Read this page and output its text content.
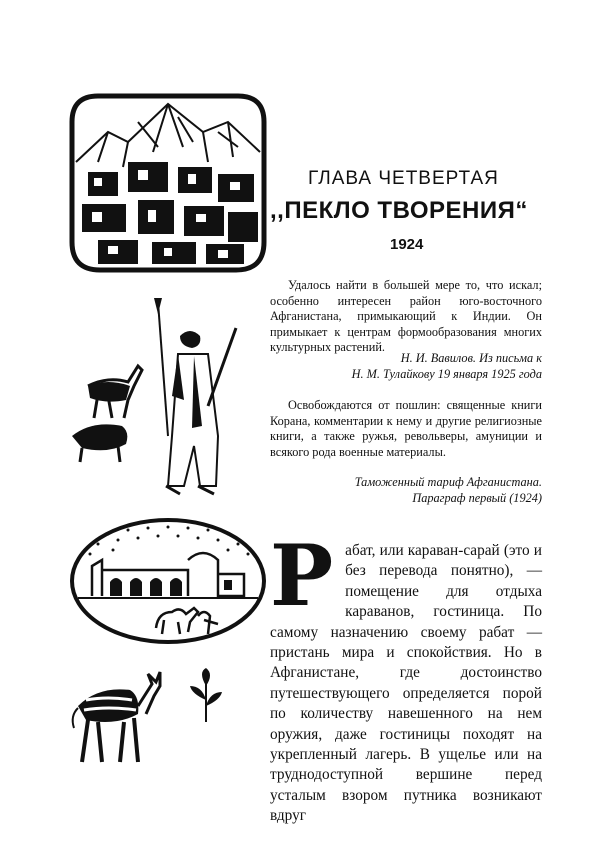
ГЛАВА ЧЕТВЕРТАЯ
,,ПЕКЛО ТВОРЕНИЯ“
1924
Удалось найти в большей мере то, что искал; особенно интересен район юго-восточного Афганистана, примыкающий к Индии. Он примыкает к центрам формообразования многих культурных растений.
Н. И. Вавилов. Из письма к
Н. М. Тулайкову 19 января 1925 года
Освобождаются от пошлин: священные книги Корана, комментарии к нему и другие религиозные книги, а также ружья, револьверы, амуниции и всякого рода военные материалы.
Таможенный тариф Афганистана.
Параграф первый (1924)
Рабат, или караван-сарай (это и без перевода понятно), — помещение для отдыха караванов, гостиница. По самому назначению своему рабат — пристань мира и спокойствия. Но в Афганистане, где достоинство путешествующего определяется порой по количеству навешенного на нем оружия, даже гостиницы походят на укрепленный лагерь. В ущелье или на труднодоступной вершине перед усталым взором путника возникают вдруг
